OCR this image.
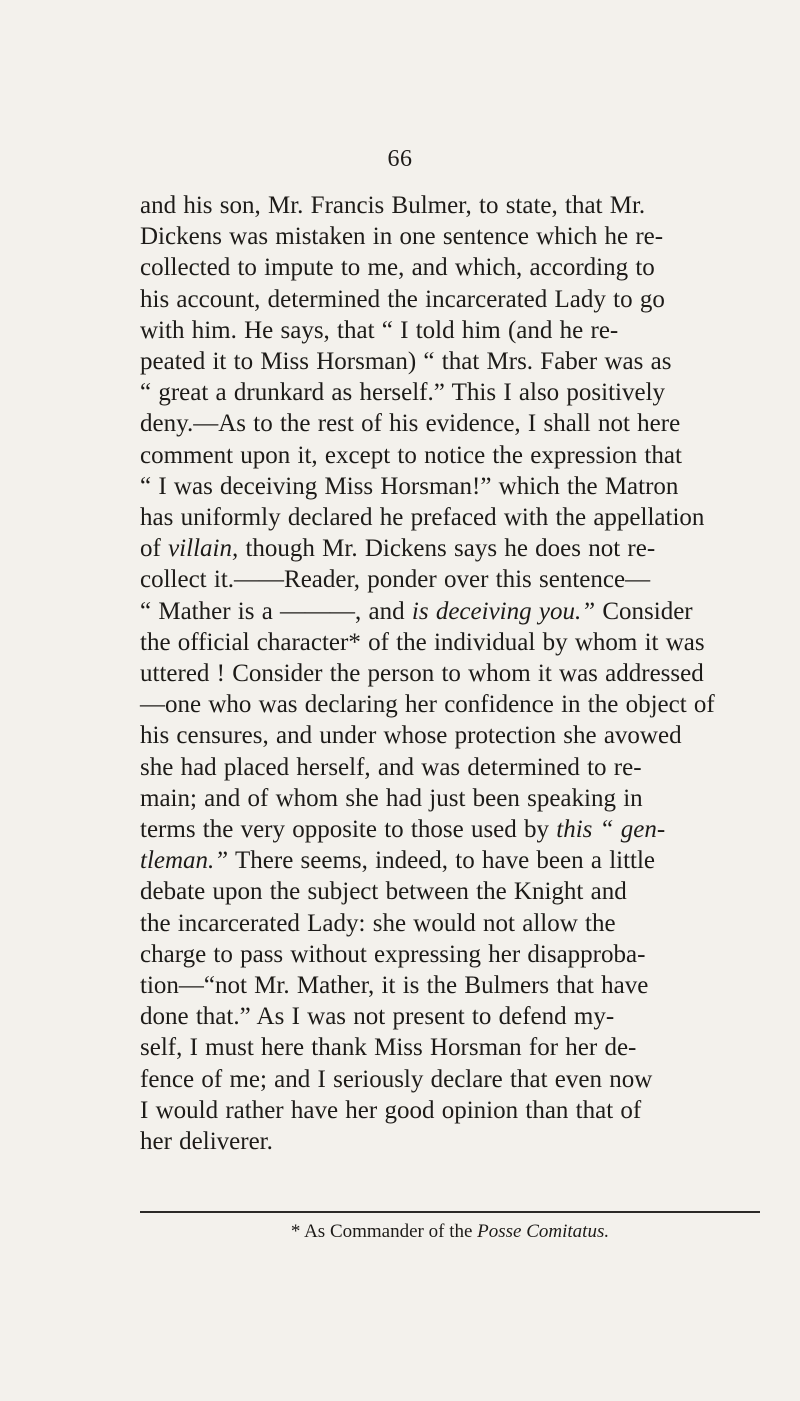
66
and his son, Mr. Francis Bulmer, to state, that Mr.
Dickens was mistaken in one sentence which he re-
collected to impute to me, and which, according to
his account, determined the incarcerated Lady to go
with him. He says, that “ I told him (and he re-
peated it to Miss Horsman) “ that Mrs. Faber was as
“ great a drunkard as herself.” This I also positively
deny.—As to the rest of his evidence, I shall not here
comment upon it, except to notice the expression that
“ I was deceiving Miss Horsman!” which the Matron
has uniformly declared he prefaced with the appellation
of villain, though Mr. Dickens says he does not re-
collect it.——Reader, ponder over this sentence—
“ Mather is a ———, and is deceiving you.” Consider
the official character* of the individual by whom it was
uttered ! Consider the person to whom it was addressed
—one who was declaring her confidence in the object of
his censures, and under whose protection she avowed
she had placed herself, and was determined to re-
main; and of whom she had just been speaking in
terms the very opposite to those used by this “ gen-
tleman.” There seems, indeed, to have been a little
debate upon the subject between the Knight and
the incarcerated Lady: she would not allow the
charge to pass without expressing her disapproba-
tion—“not Mr. Mather, it is the Bulmers that have
done that.” As I was not present to defend my-
self, I must here thank Miss Horsman for her de-
fence of me; and I seriously declare that even now
I would rather have her good opinion than that of
her deliverer.
* As Commander of the Posse Comitatus.
